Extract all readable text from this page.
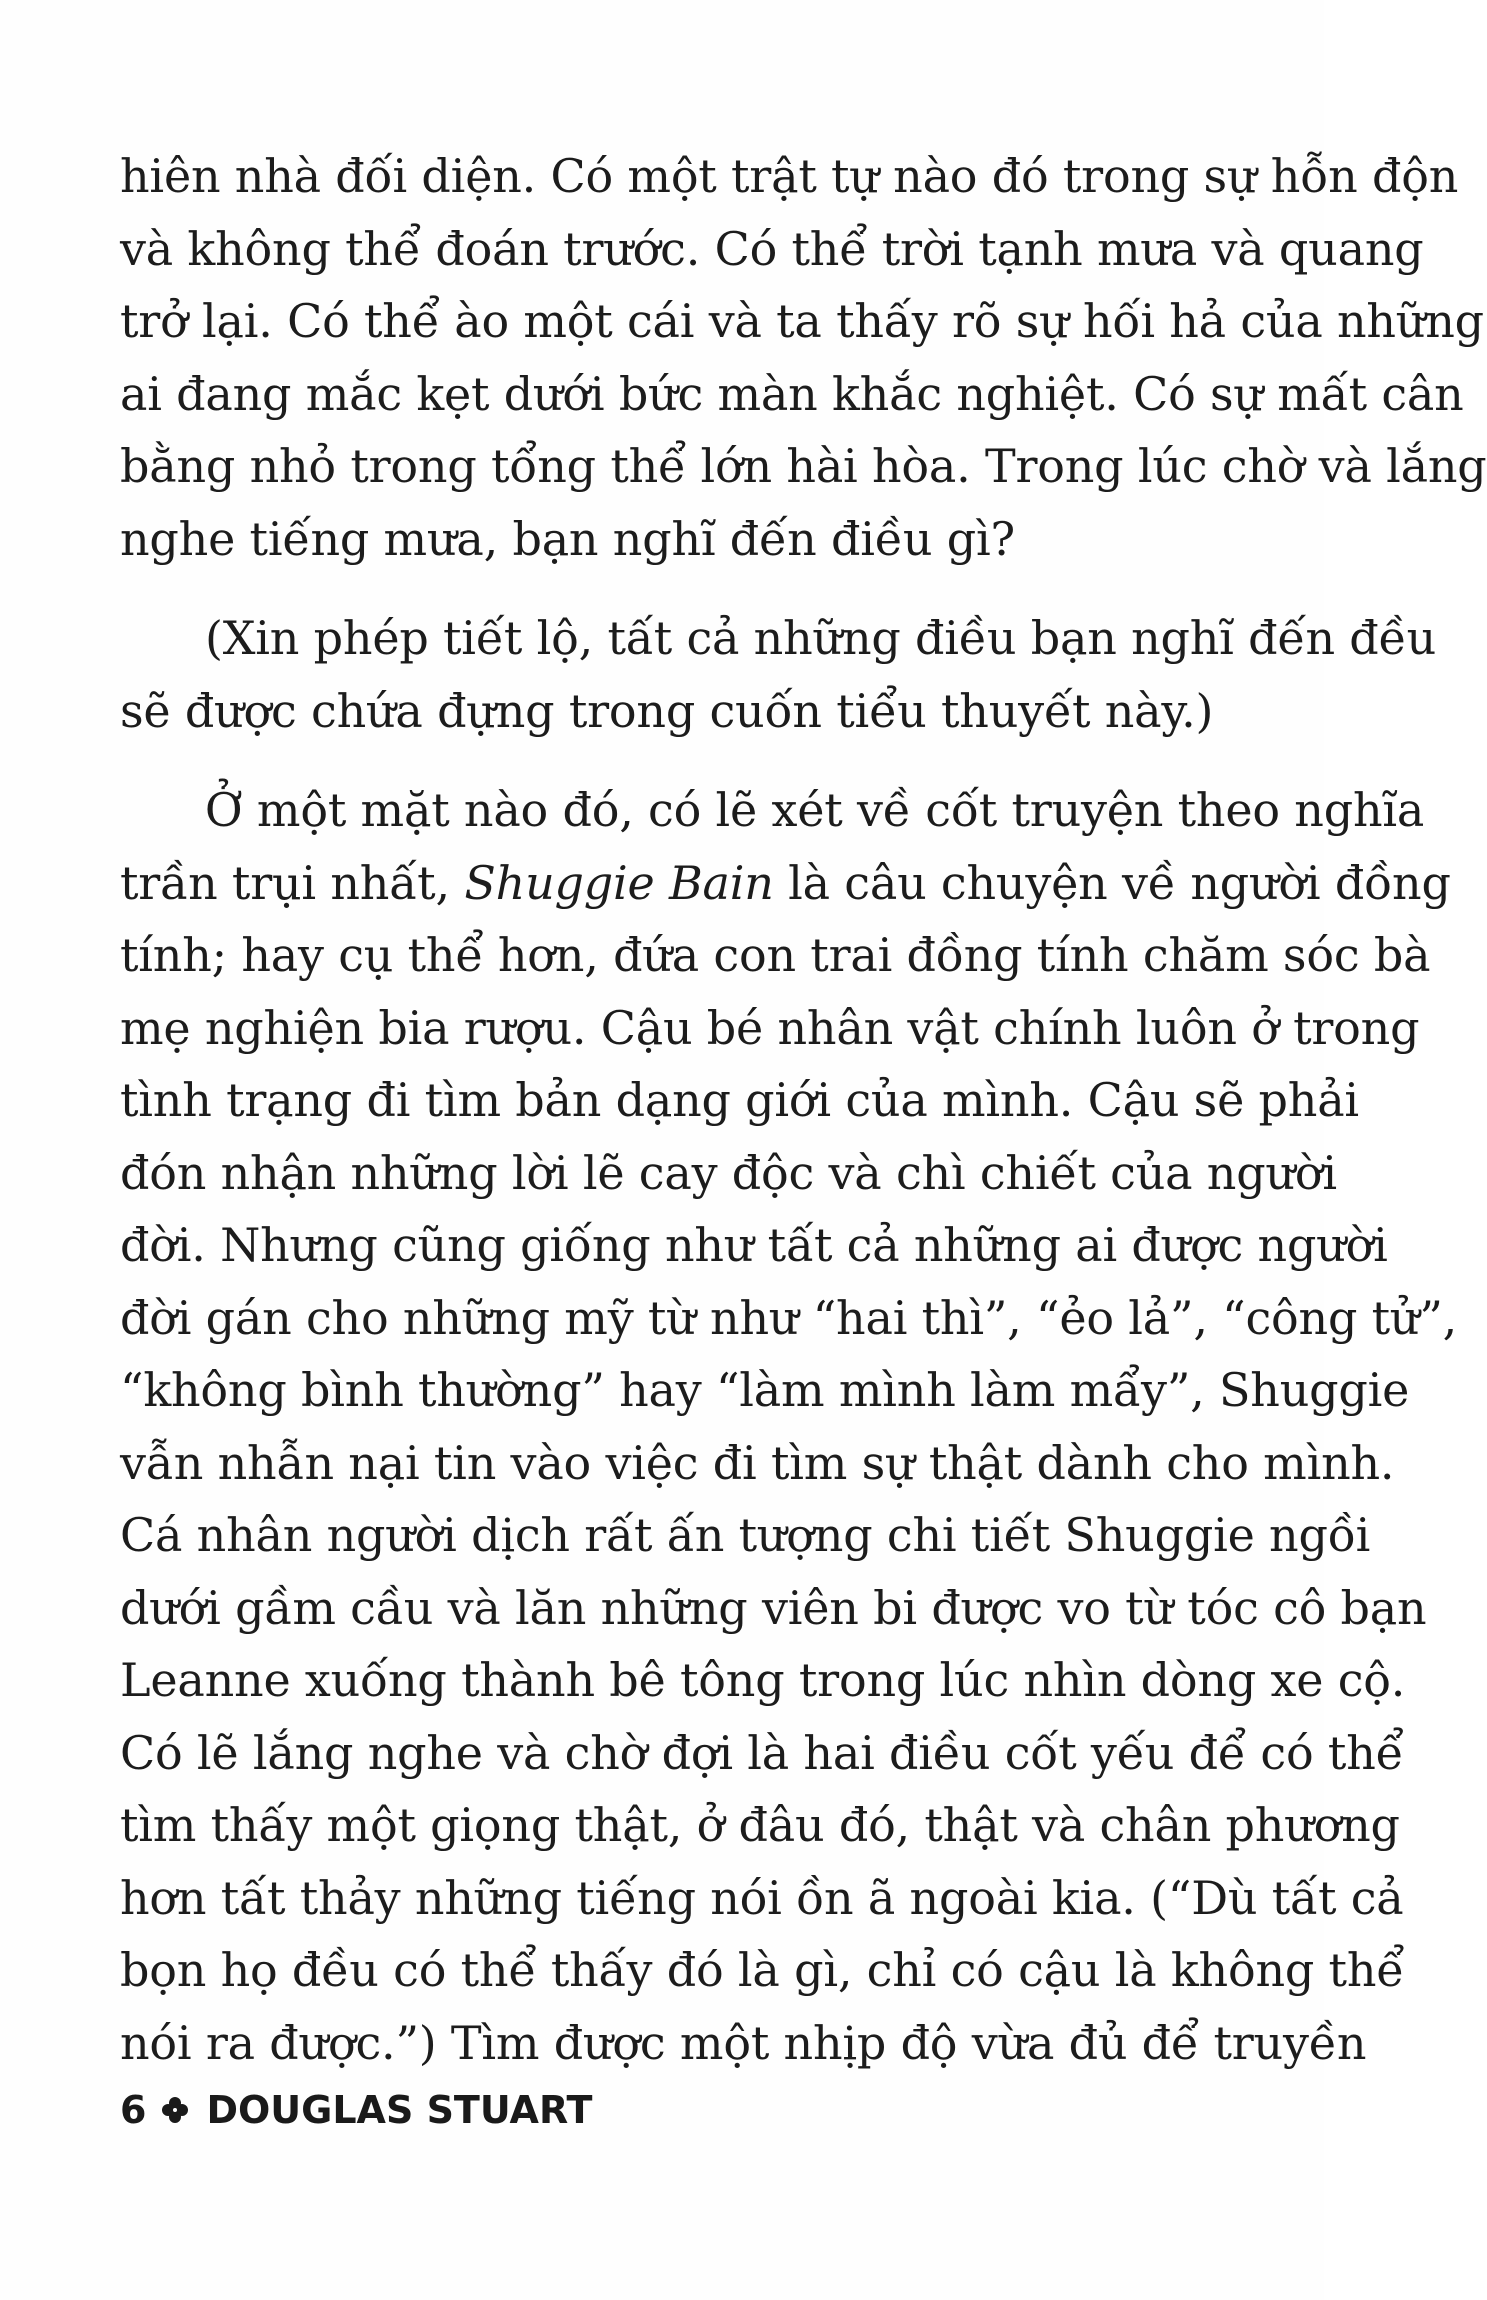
hiên nhà đối diện. Có một trật tự nào đó trong sự hỗn độn
và không thể đoán trước. Có thể trời tạnh mưa và quang
trở lại. Có thể ào một cái và ta thấy rõ sự hối hả của những
ai đang mắc kẹt dưới bức màn khắc nghiệt. Có sự mất cân
bằng nhỏ trong tổng thể lớn hài hòa. Trong lúc chờ và lắng
nghe tiếng mưa, bạn nghĩ đến điều gì?
(Xin phép tiết lộ, tất cả những điều bạn nghĩ đến đều
sẽ được chứa đựng trong cuốn tiểu thuyết này.)
Ở một mặt nào đó, có lẽ xét về cốt truyện theo nghĩa
trần trụi nhất, Shuggie Bain là câu chuyện về người đồng
tính; hay cụ thể hơn, đứa con trai đồng tính chăm sóc bà
mẹ nghiện bia rượu. Cậu bé nhân vật chính luôn ở trong
tình trạng đi tìm bản dạng giới của mình. Cậu sẽ phải
đón nhận những lời lẽ cay độc và chì chiết của người
đời. Nhưng cũng giống như tất cả những ai được người
đời gán cho những mỹ từ như “hai thì”, “ẻo lả”, “công tử”,
“không bình thường” hay “làm mình làm mẩy”, Shuggie
vẫn nhẫn nại tin vào việc đi tìm sự thật dành cho mình.
Cá nhân người dịch rất ấn tượng chi tiết Shuggie ngồi
dưới gầm cầu và lăn những viên bi được vo từ tóc cô bạn
Leanne xuống thành bê tông trong lúc nhìn dòng xe cộ.
Có lẽ lắng nghe và chờ đợi là hai điều cốt yếu để có thể
tìm thấy một giọng thật, ở đâu đó, thật và chân phương
hơn tất thảy những tiếng nói ồn ã ngoài kia. (“Dù tất cả
bọn họ đều có thể thấy đó là gì, chỉ có cậu là không thể
nói ra được.”) Tìm được một nhịp độ vừa đủ để truyền
6 DOUGLAS STUART
